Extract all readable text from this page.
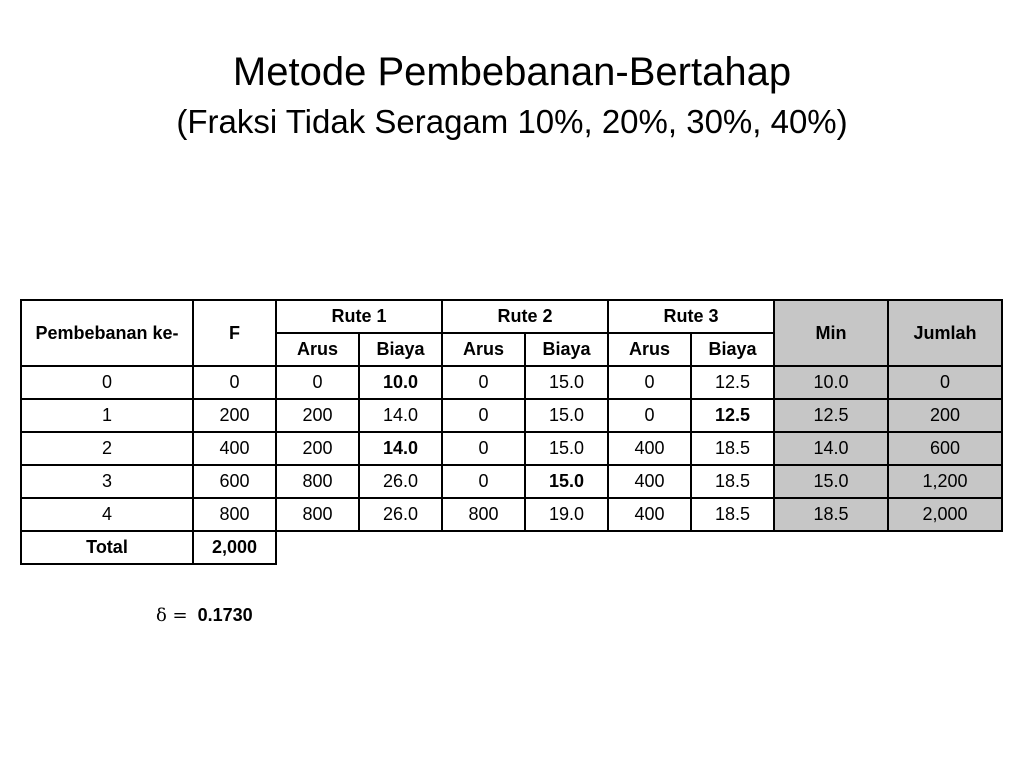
Metode Pembebanan-Bertahap
(Fraksi Tidak Seragam 10%, 20%, 30%, 40%)
Pembebanan ke-	F	Rute 1		Rute 2		Rute 3		Min	Jumlah
		Arus	Biaya	Arus	Biaya	Arus	Biaya		
0	0	0	10.0	0	15.0	0	12.5	10.0	0
1	200	200	14.0	0	15.0	0	12.5	12.5	200
2	400	200	14.0	0	15.0	400	18.5	14.0	600
3	600	800	26.0	0	15.0	400	18.5	15.0	1,200
4	800	800	26.0	800	19.0	400	18.5	18.5	2,000
Total	2,000								
δ = 0.1730
